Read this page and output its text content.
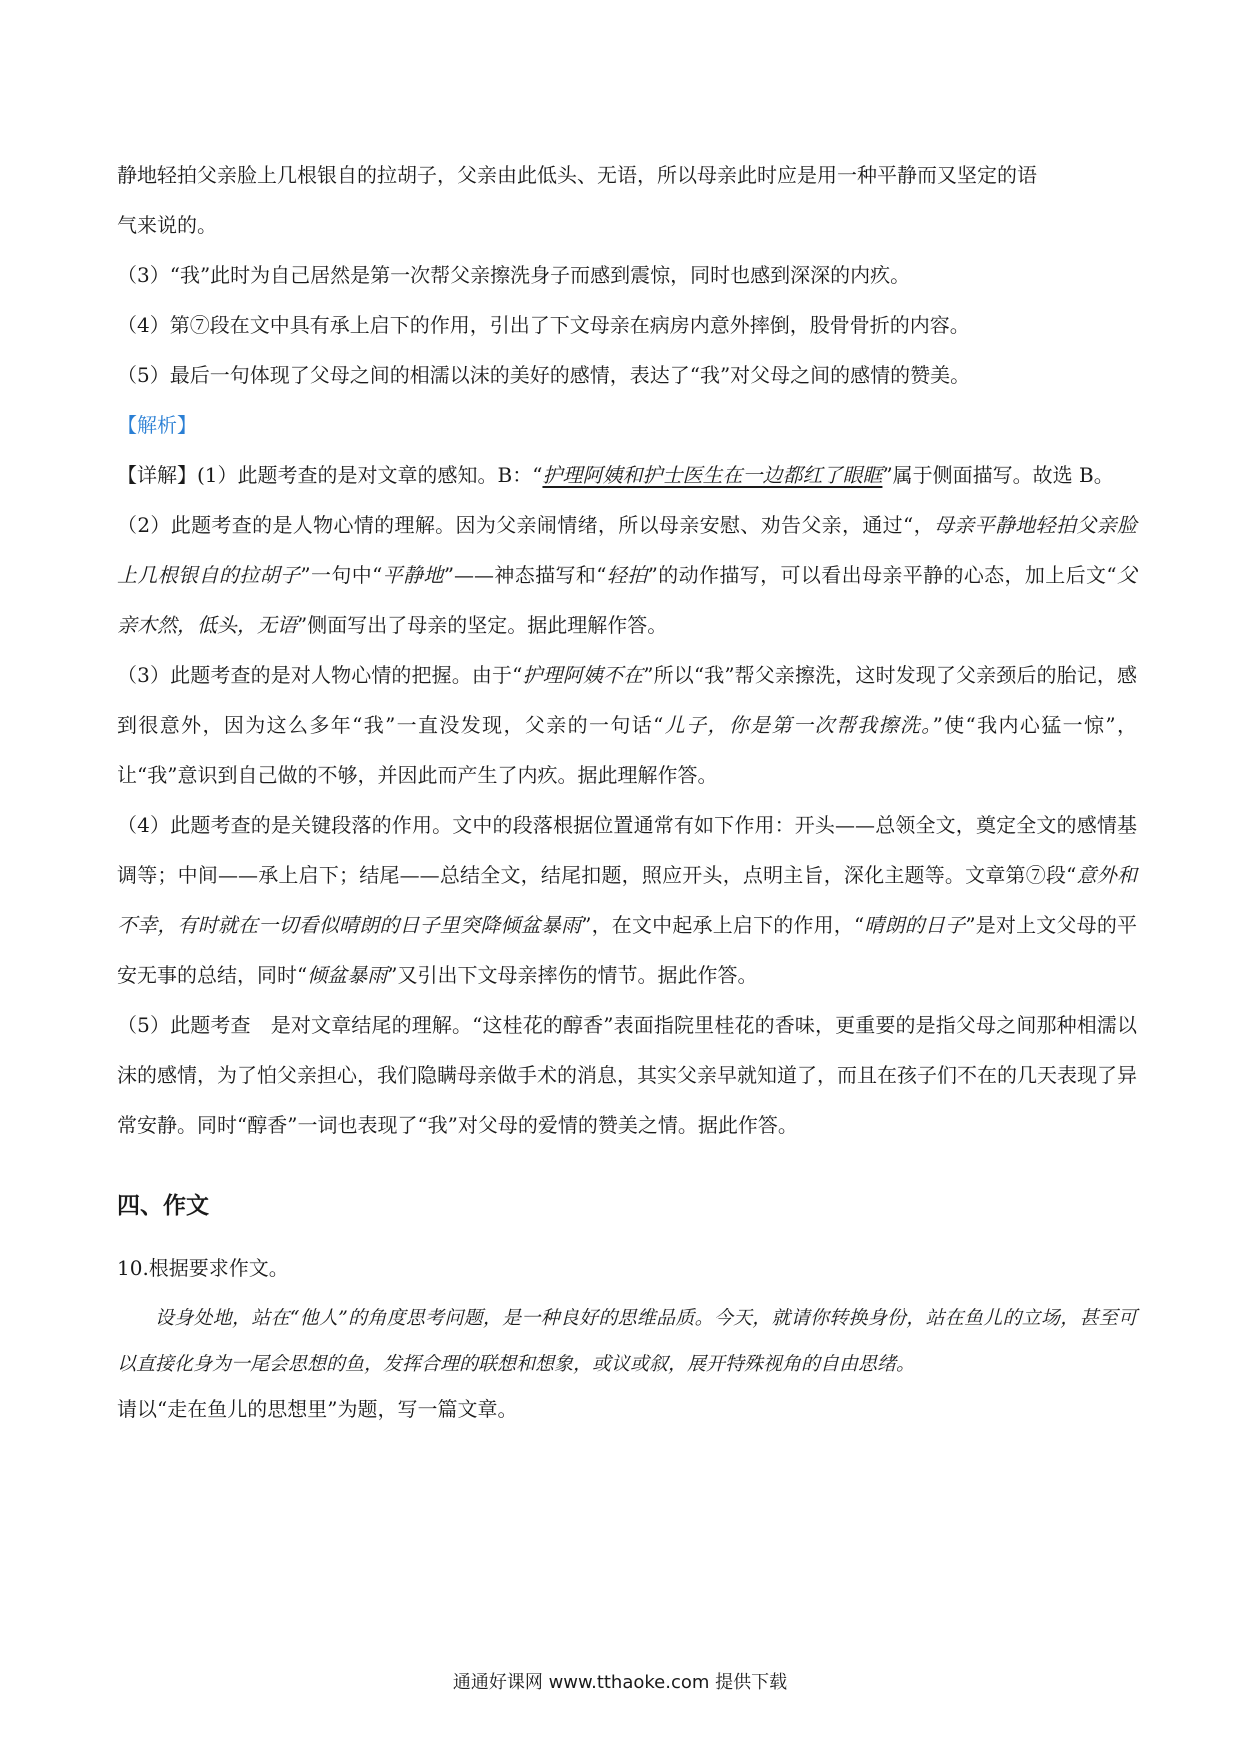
静地轻拍父亲脸上几根银自的拉胡子，父亲由此低头、无语，所以母亲此时应是用一种平静而又坚定的语

气来说的。

（3）“我”此时为自己居然是第一次帮父亲擦洗身子而感到震惊，同时也感到深深的内疚。

（4）第⑦段在文中具有承上启下的作用，引出了下文母亲在病房内意外摔倒，股骨骨折的内容。

（5）最后一句体现了父母之间的相濡以沫的美好的感情，表达了“我”对父母之间的感情的赞美。

【解析】

【详解】(1）此题考查的是对文章的感知。B：“护理阿姨和护士医生在一边都红了眼眶”属于侧面描写。故选 B。

（2）此题考查的是人物心情的理解。因为父亲闹情绪，所以母亲安慰、劝告父亲，通过“，母亲平静地轻拍父亲脸上几根银自的拉胡子”一句中“平静地”——神态描写和“轻拍”的动作描写，可以看出母亲平静的心态，加上后文“父亲木然，低头，无语”侧面写出了母亲的坚定。据此理解作答。

（3）此题考查的是对人物心情的把握。由于“护理阿姨不在”所以“我”帮父亲擦洗，这时发现了父亲颈后的胎记，感到很意外，因为这么多年“我”一直没发现，父亲的一句话“儿子，你是第一次帮我擦洗。”使“我内心猛一惊”，让“我”意识到自己做的不够，并因此而产生了内疚。据此理解作答。

（4）此题考查的是关键段落的作用。文中的段落根据位置通常有如下作用：开头——总领全文，奠定全文的感情基调等；中间——承上启下；结尾——总结全文，结尾扣题，照应开头，点明主旨，深化主题等。文章第⑦段“意外和不幸，有时就在一切看似晴朗的日子里突降倾盆暴雨”，在文中起承上启下的作用，“晴朗的日子”是对上文父母的平安无事的总结，同时“倾盆暴雨”又引出下文母亲摔伤的情节。据此作答。

（5）此题考查　是对文章结尾的理解。“这桂花的醇香”表面指院里桂花的香味，更重要的是指父母之间那种相濡以沫的感情，为了怕父亲担心，我们隐瞒母亲做手术的消息，其实父亲早就知道了，而且在孩子们不在的几天表现了异常安静。同时“醇香”一词也表现了“我”对父母的爱情的赞美之情。据此作答。

四、作文

10.根据要求作文。

设身处地，站在“他人”的角度思考问题，是一种良好的思维品质。今天，就请你转换身份，站在鱼儿的立场，甚至可以直接化身为一尾会思想的鱼，发挥合理的联想和想象，或议或叙，展开特殊视角的自由思绪。

请以“走在鱼儿的思想里”为题，写一篇文章。

通通好课网 www.tthaoke.com 提供下载
